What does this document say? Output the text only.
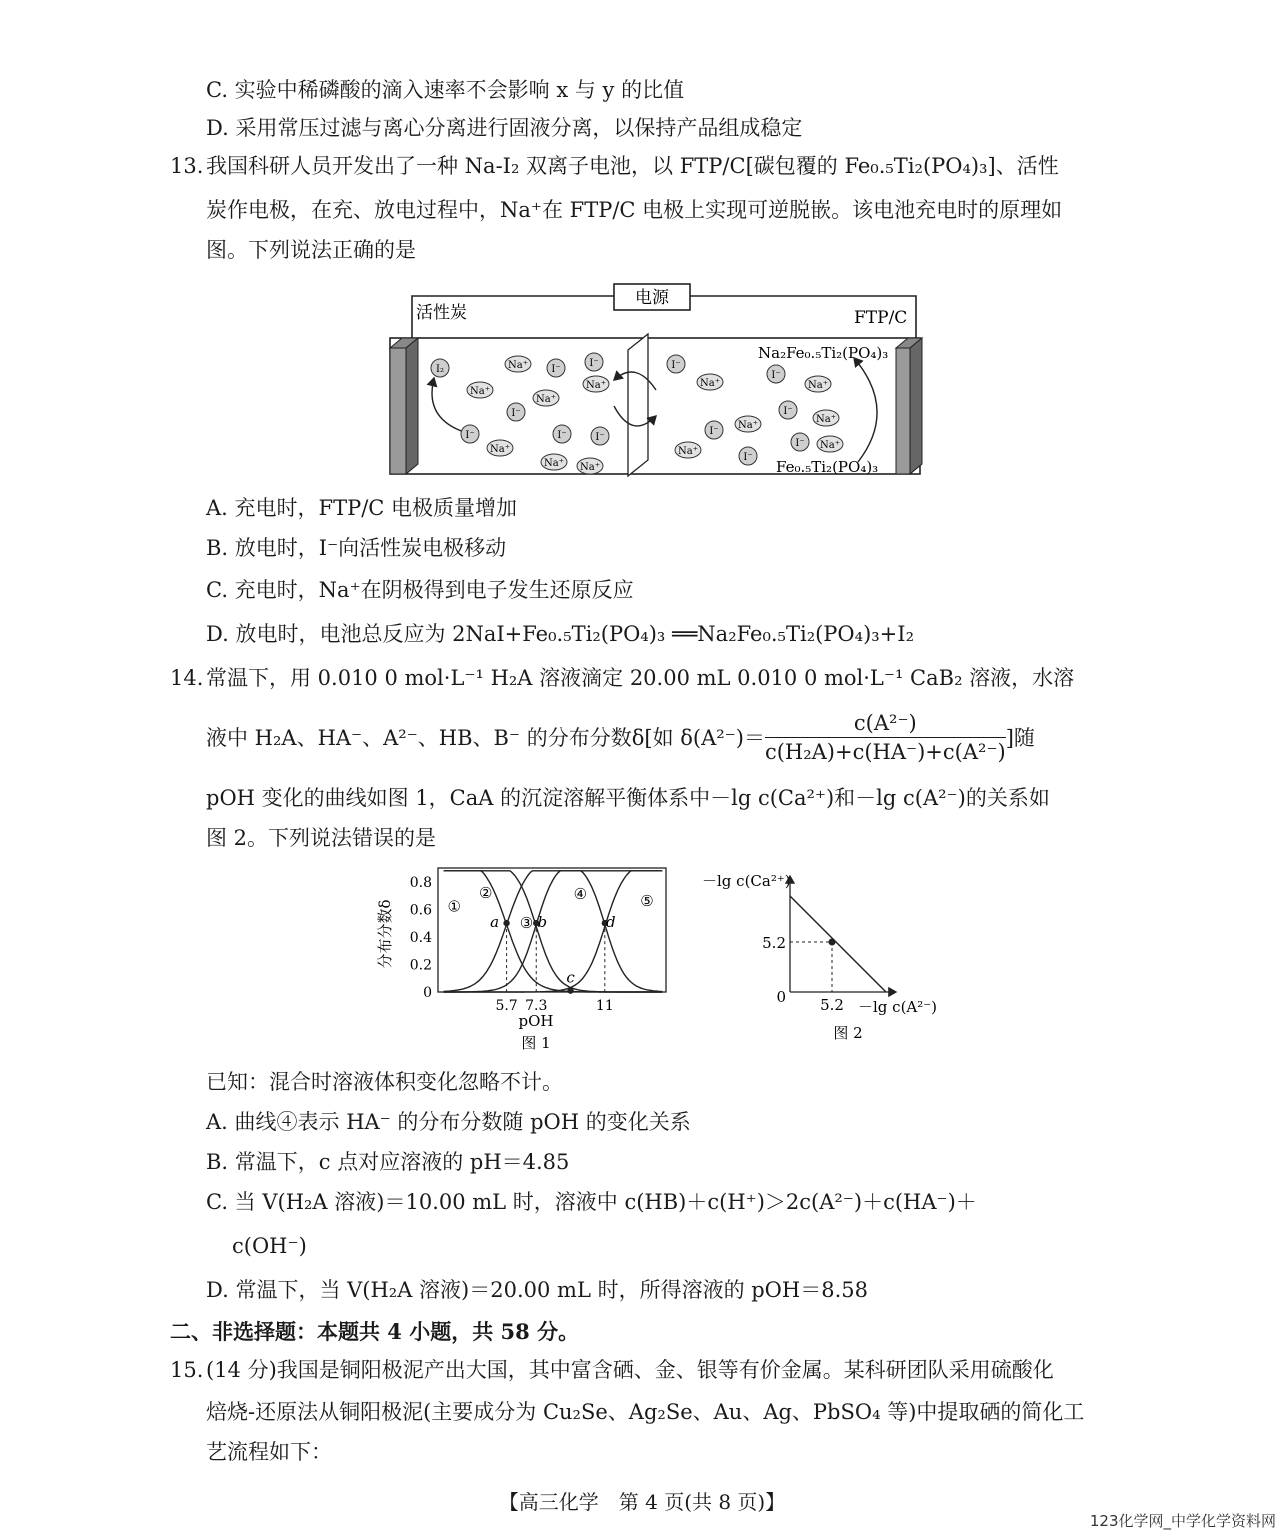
C. 实验中稀磷酸的滴入速率不会影响 x 与 y 的比值
D. 采用常压过滤与离心分离进行固液分离，以保持产品组成稳定
13. 我国科研人员开发出了一种 Na-I₂ 双离子电池，以 FTP/C[碳包覆的 Fe₀.₅Ti₂(PO₄)₃]、活性
炭作电极，在充、放电过程中，Na⁺在 FTP/C 电极上实现可逆脱嵌。该电池充电时的原理如
图。下列说法正确的是
电源
活性炭	FTP/C
I₂	Na⁺	I⁻
Na⁺
I⁻
Na⁺
Na⁺
I⁻
I⁻
Na⁺
I⁻	I⁻
Na⁺ Na⁺
I⁻
Na⁺
I⁻
Na⁺
I⁻
Na⁺
I⁻
Na⁺
I⁻ Na⁺
Na⁺
I⁻
Na₂Fe₀.₅Ti₂(PO₄)₃
Fe₀.₅Ti₂(PO₄)₃
A. 充电时，FTP/C 电极质量增加
B. 放电时，I⁻向活性炭电极移动
C. 充电时，Na⁺在阴极得到电子发生还原反应
D. 放电时，电池总反应为 2NaI+Fe₀.₅Ti₂(PO₄)₃ ══Na₂Fe₀.₅Ti₂(PO₄)₃+I₂
14. 常温下，用 0.010 0 mol·L⁻¹ H₂A 溶液滴定 20.00 mL 0.010 0 mol·L⁻¹ CaB₂ 溶液，水溶
液中 H₂A、HA⁻、A²⁻、HB、B⁻ 的分布分数δ[如 $\delta(A^{2-})= \frac{\text{c(A²⁻)}}{\text{c(H₂A)+c(HA⁻)+c(A²⁻)}}$ ]随
pOH 变化的曲线如图 1，CaA 的沉淀溶解平衡体系中－lg c(Ca²⁺)和－lg c(A²⁻)的关系如
图 2。下列说法错误的是
分布分数δ
0
0.2
0.4
0.6
0.8
5.7 7.3	11
a	b
c
d
①
②
③
④	⑤
pOH
图 1
－lg c(Ca²⁺)
5.2
0 5.2 －lg c(A²⁻)
图 2
已知：混合时溶液体积变化忽略不计。
A. 曲线④表示 HA⁻ 的分布分数随 pOH 的变化关系
B. 常温下，c 点对应溶液的 pH＝4.85
C. 当 V(H₂A 溶液)＝10.00 mL 时，溶液中 c(HB)＋c(H⁺)＞2c(A²⁻)＋c(HA⁻)＋
c(OH⁻)
D. 常温下，当 V(H₂A 溶液)＝20.00 mL 时，所得溶液的 pOH＝8.58
二、非选择题：本题共 4 小题，共 58 分。
15. (14 分)我国是铜阳极泥产出大国，其中富含硒、金、银等有价金属。某科研团队采用硫酸化
焙烧-还原法从铜阳极泥(主要成分为 Cu₂Se、Ag₂Se、Au、Ag、PbSO₄ 等)中提取硒的简化工
艺流程如下：
【高三化学　第 4 页(共 8 页)】
123化学网_中学化学资料网
